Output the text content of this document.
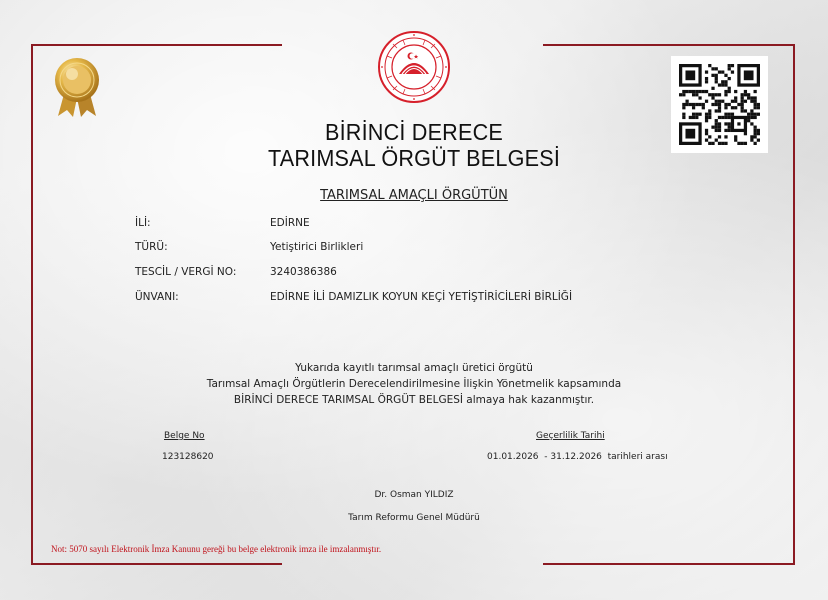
BİRİNCİ DERECE
TARIMSAL ÖRGÜT BELGESİ
TARIMSAL AMAÇLI ÖRGÜTÜN
İLİ:	EDİRNE
TÜRÜ:	Yetiştirici Birlikleri
TESCİL / VERGİ NO:	3240386386
ÜNVANI:	EDİRNE İLİ DAMIZLIK KOYUN KEÇİ YETİŞTİRİCİLERİ BİRLİĞİ
Yukarıda kayıtlı tarımsal amaçlı üretici örgütü
Tarımsal Amaçlı Örgütlerin Derecelendirilmesine İlişkin Yönetmelik kapsamında
BİRİNCİ DERECE TARIMSAL ÖRGÜT BELGESİ almaya hak kazanmıştır.
Belge No
123128620
Geçerlilik Tarihi
01.01.2026  - 31.12.2026  tarihleri arası
Dr. Osman YILDIZ
Tarım Reformu Genel Müdürü
Not: 5070 sayılı Elektronik İmza Kanunu gereği bu belge elektronik imza ile imzalanmıştır.
